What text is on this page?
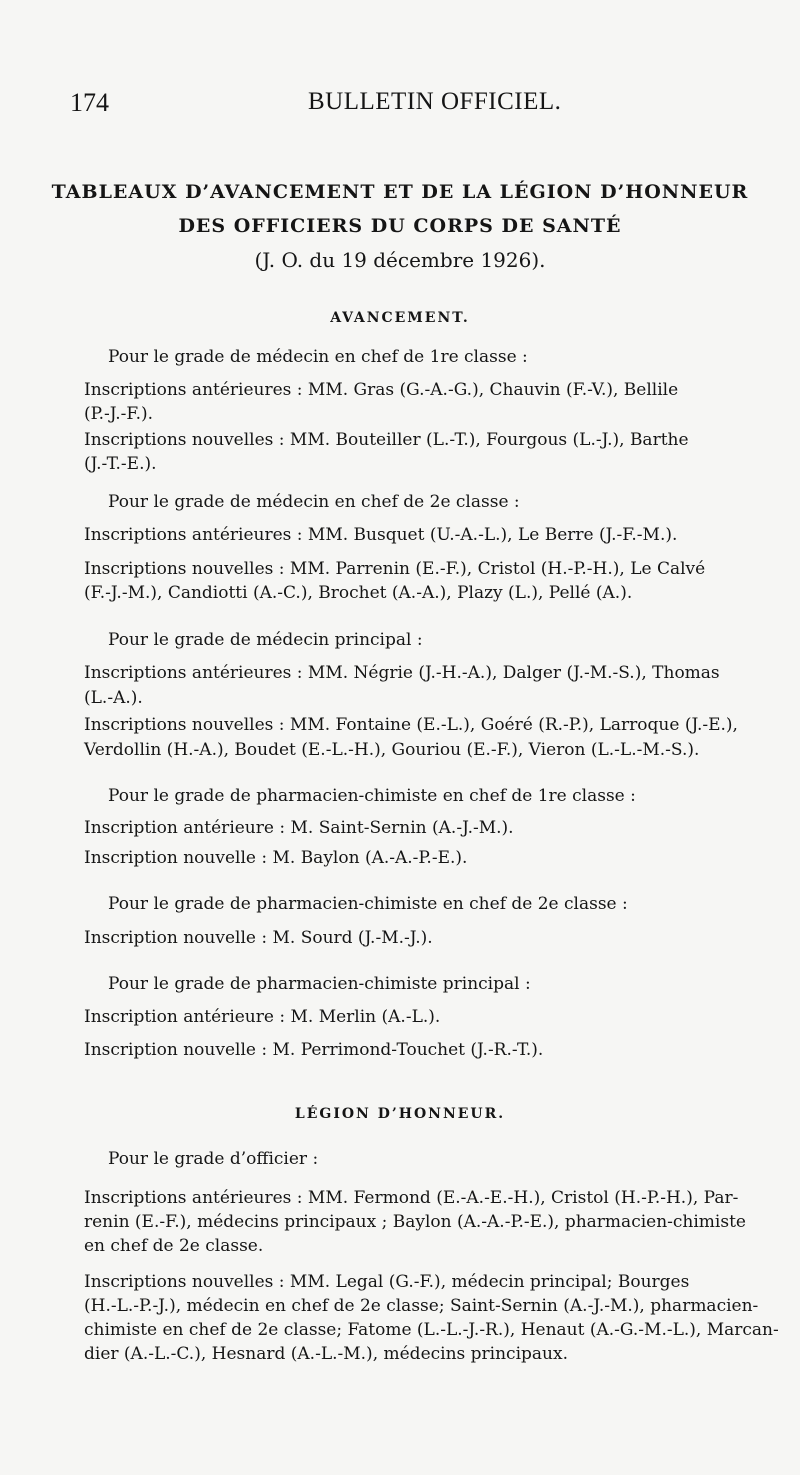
174	BULLETIN OFFICIEL.

TABLEAUX D’AVANCEMENT ET DE LA LÉGION D’HONNEUR

DES OFFICIERS DU CORPS DE SANTÉ

(J. O. du 19 décembre 1926).

AVANCEMENT.
Pour le grade de médecin en chef de 1re classe :
Inscriptions antérieures : MM. Gras (G.-A.-G.), Chauvin (F.-V.), Bellile
(P.-J.-F.).
Inscriptions nouvelles : MM. Bouteiller (L.-T.), Fourgous (L.-J.), Barthe
(J.-T.-E.).
Pour le grade de médecin en chef de 2e classe :
Inscriptions antérieures : MM. Busquet (U.-A.-L.), Le Berre (J.-F.-M.).
Inscriptions nouvelles : MM. Parrenin (E.-F.), Cristol (H.-P.-H.), Le Calvé
(F.-J.-M.), Candiotti (A.-C.), Brochet (A.-A.), Plazy (L.), Pellé (A.).
Pour le grade de médecin principal :
Inscriptions antérieures : MM. Négrie (J.-H.-A.), Dalger (J.-M.-S.), Thomas
(L.-A.).
Inscriptions nouvelles : MM. Fontaine (E.-L.), Goéré (R.-P.), Larroque (J.-E.),
Verdollin (H.-A.), Boudet (E.-L.-H.), Gouriou (E.-F.), Vieron (L.-L.-M.-S.).
Pour le grade de pharmacien-chimiste en chef de 1re classe :
Inscription antérieure : M. Saint-Sernin (A.-J.-M.).
Inscription nouvelle : M. Baylon (A.-A.-P.-E.).
Pour le grade de pharmacien-chimiste en chef de 2e classe :
Inscription nouvelle : M. Sourd (J.-M.-J.).
Pour le grade de pharmacien-chimiste principal :
Inscription antérieure : M. Merlin (A.-L.).
Inscription nouvelle : M. Perrimond-Touchet (J.-R.-T.).
LÉGION D’HONNEUR.
Pour le grade d’officier :
Inscriptions antérieures : MM. Fermond (E.-A.-E.-H.), Cristol (H.-P.-H.), Par-
renin (E.-F.), médecins principaux ; Baylon (A.-A.-P.-E.), pharmacien-chimiste
en chef de 2e classe.
Inscriptions nouvelles : MM. Legal (G.-F.), médecin principal; Bourges
(H.-L.-P.-J.), médecin en chef de 2e classe; Saint-Sernin (A.-J.-M.), pharmacien-
chimiste en chef de 2e classe; Fatome (L.-L.-J.-R.), Henaut (A.-G.-M.-L.), Marcan-
dier (A.-L.-C.), Hesnard (A.-L.-M.), médecins principaux.
